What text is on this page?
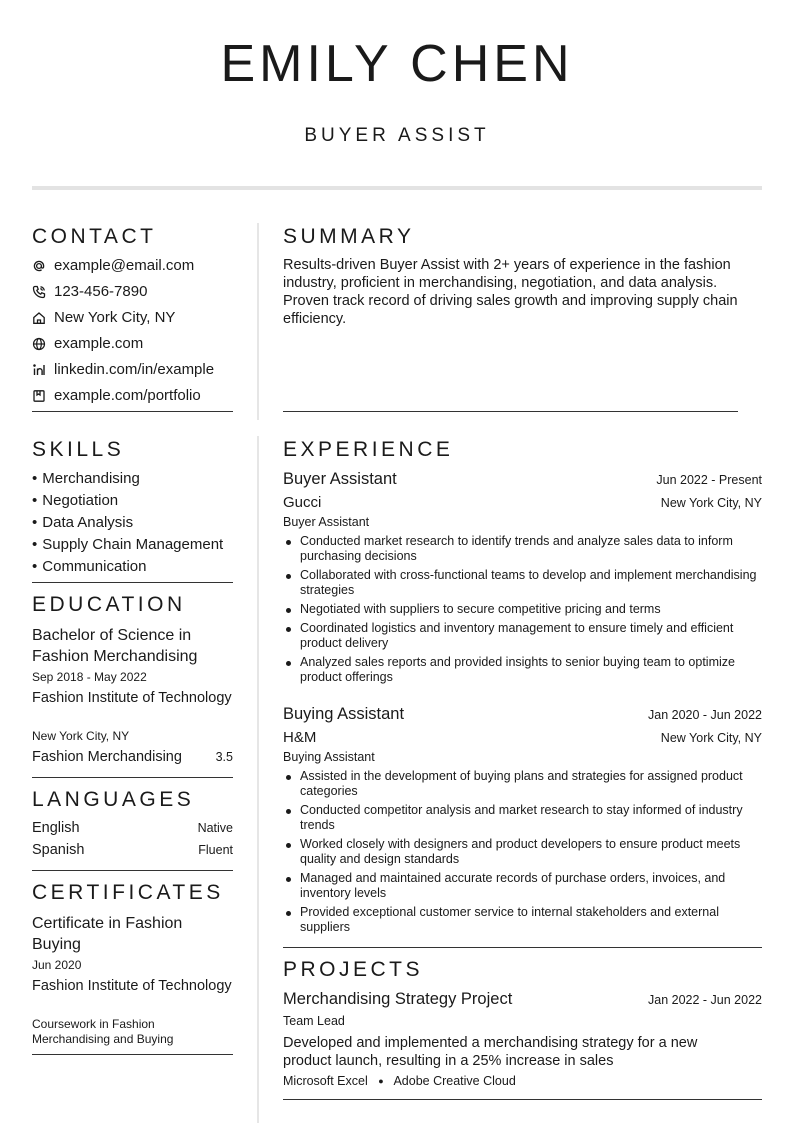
EMILY CHEN
BUYER ASSIST
CONTACT
example@email.com
123-456-7890
New York City, NY
example.com
linkedin.com/in/example
example.com/portfolio
SKILLS
• Merchandising
• Negotiation
• Data Analysis
• Supply Chain Management
• Communication
EDUCATION
Bachelor of Science in Fashion Merchandising
Sep 2018 - May 2022
Fashion Institute of Technology
New York City, NY
Fashion Merchandising	3.5
LANGUAGES
English	Native
Spanish	Fluent
CERTIFICATES
Certificate in Fashion Buying
Jun 2020
Fashion Institute of Technology
Coursework in Fashion Merchandising and Buying
SUMMARY
Results-driven Buyer Assist with 2+ years of experience in the fashion industry, proficient in merchandising, negotiation, and data analysis. Proven track record of driving sales growth and improving supply chain efficiency.
EXPERIENCE
Buyer Assistant	Jun 2022 - Present
Gucci	New York City, NY
Buyer Assistant
Conducted market research to identify trends and analyze sales data to inform purchasing decisions
Collaborated with cross-functional teams to develop and implement merchandising strategies
Negotiated with suppliers to secure competitive pricing and terms
Coordinated logistics and inventory management to ensure timely and efficient product delivery
Analyzed sales reports and provided insights to senior buying team to optimize product offerings
Buying Assistant	Jan 2020 - Jun 2022
H&M	New York City, NY
Buying Assistant
Assisted in the development of buying plans and strategies for assigned product categories
Conducted competitor analysis and market research to stay informed of industry trends
Worked closely with designers and product developers to ensure product meets quality and design standards
Managed and maintained accurate records of purchase orders, invoices, and inventory levels
Provided exceptional customer service to internal stakeholders and external suppliers
PROJECTS
Merchandising Strategy Project	Jan 2022 - Jun 2022
Team Lead
Developed and implemented a merchandising strategy for a new product launch, resulting in a 25% increase in sales
Microsoft Excel ● Adobe Creative Cloud
